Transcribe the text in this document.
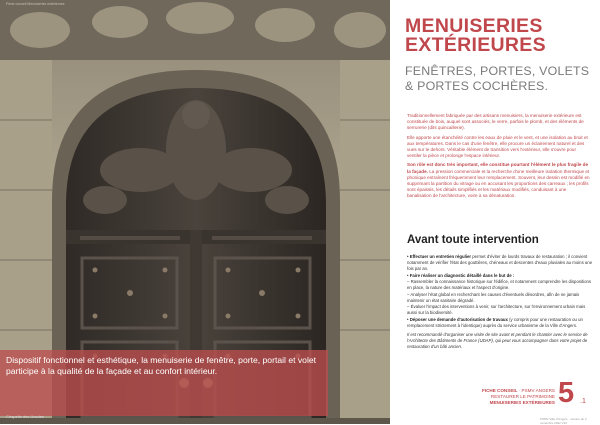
Fiche conseil Menuiseries extérieures
Dispositif fonctionnel et esthétique, la menuiserie de fenêtre, porte, portail et volet participe à la qualité de la façade et au confort intérieur.
Chapelle des Ursules
MENUISERIES
EXTÉRIEURES
FENÊTRES, PORTES, VOLETS
& PORTES COCHÈRES.

Traditionnellement fabriquée par des artisans menuisiers, la menuiserie extérieure est constituée de bois, auquel sont associés, le verre, parfois le plomb, et des éléments de serrurerie (dits quincaillerie).

Elle apporte une étanchéité contre les eaux de pluie et le vent, et une isolation au bruit et aux températures. Dans le cas d'une fenêtre, elle procure un éclairement naturel et des vues sur le dehors. Véritable élément de transition vers l'extérieur, elle s'ouvre pour ventiler la pièce et prolonge l'espace intérieur.

Son rôle est donc très important, elle constitue pourtant l'élément le plus fragile de la façade. La pression commerciale et la recherche d'une meilleure isolation thermique et phonique entraînent fréquemment leur remplacement. Souvent, leur dessin est modifié en supprimant la partition du vitrage ou en accusant les proportions des carreaux ; les profils sont épaissis, les détails simplifiés et les matériaux modifiés, conduisant à une banalisation de l'architecture, voire à sa dénaturation.

Avant toute intervention

• Effectuer un entretien régulier permet d'éviter de lourds travaux de restauration ; il convient notamment de vérifier l'état des gouttières, chéneaux et descentes d'eaux pluviales au moins une fois par an.

• Faire réaliser un diagnostic détaillé dans le but de :

– Rassembler la connaissance historique sur l'édifice, et notamment comprendre les dispositions en place, la nature des matériaux et l'aspect d'origine.

– Analyser l'état global en recherchant les causes d'éventuels désordres, afin de ne jamais maintenir un état sanitaire dégradé.

– Évaluer l'impact des interventions à venir, sur l'architecture, sur l'environnement urbain mais aussi sur la biodiversité.

• Déposer une demande d'autorisation de travaux (y compris pour une restauration ou un remplacement strictement à l'identique) auprès du service urbanisme de la Ville d'Angers.

Il est recommandé d'organiser une visite de site avant et pendant le chantier avec le service de l'Architecte des Bâtiments de France (UDAP), qui peut vous accompagner dans votre projet de restauration d'un bâti ancien.

FICHE CONSEIL · PSMV ANGERS
RESTAURER LE PATRIMOINE
MENUISERIES EXTÉRIEURES 5 .1
PSMV Ville d'Angers · version du 4 novembre 2022 V10
